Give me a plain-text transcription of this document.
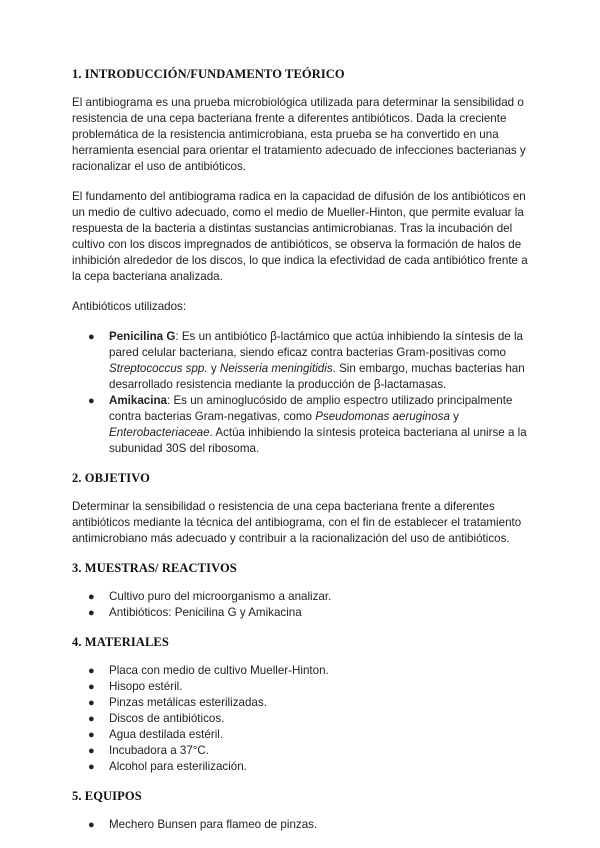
1. INTRODUCCIÓN/FUNDAMENTO TEÓRICO

El antibiograma es una prueba microbiológica utilizada para determinar la sensibilidad o resistencia de una cepa bacteriana frente a diferentes antibióticos. Dada la creciente problemática de la resistencia antimicrobiana, esta prueba se ha convertido en una herramienta esencial para orientar el tratamiento adecuado de infecciones bacterianas y racionalizar el uso de antibióticos.

El fundamento del antibiograma radica en la capacidad de difusión de los antibióticos en un medio de cultivo adecuado, como el medio de Mueller-Hinton, que permite evaluar la respuesta de la bacteria a distintas sustancias antimicrobianas. Tras la incubación del cultivo con los discos impregnados de antibióticos, se observa la formación de halos de inhibición alrededor de los discos, lo que indica la efectividad de cada antibiótico frente a la cepa bacteriana analizada.

Antibióticos utilizados:

● Penicilina G: Es un antibiótico β-lactámico que actúa inhibiendo la síntesis de la pared celular bacteriana, siendo eficaz contra bacterias Gram-positivas como Streptococcus spp. y Neisseria meningitidis. Sin embargo, muchas bacterias han desarrollado resistencia mediante la producción de β-lactamasas.
● Amikacina: Es un aminoglucósido de amplio espectro utilizado principalmente contra bacterias Gram-negativas, como Pseudomonas aeruginosa y Enterobacteriaceae. Actúa inhibiendo la síntesis proteica bacteriana al unirse a la subunidad 30S del ribosoma.
2. OBJETIVO

Determinar la sensibilidad o resistencia de una cepa bacteriana frente a diferentes antibióticos mediante la técnica del antibiograma, con el fin de establecer el tratamiento antimicrobiano más adecuado y contribuir a la racionalización del uso de antibióticos.

3. MUESTRAS/ REACTIVOS
● Cultivo puro del microorganismo a analizar.
● Antibióticos: Penicilina G y Amikacina
4. MATERIALES
● Placa con medio de cultivo Mueller-Hinton.
● Hisopo estéril.
● Pinzas metálicas esterilizadas.
● Discos de antibióticos.
● Agua destilada estéril.
● Incubadora a 37°C.
● Alcohol para esterilización.
5. EQUIPOS
● Mechero Bunsen para flameo de pinzas.
